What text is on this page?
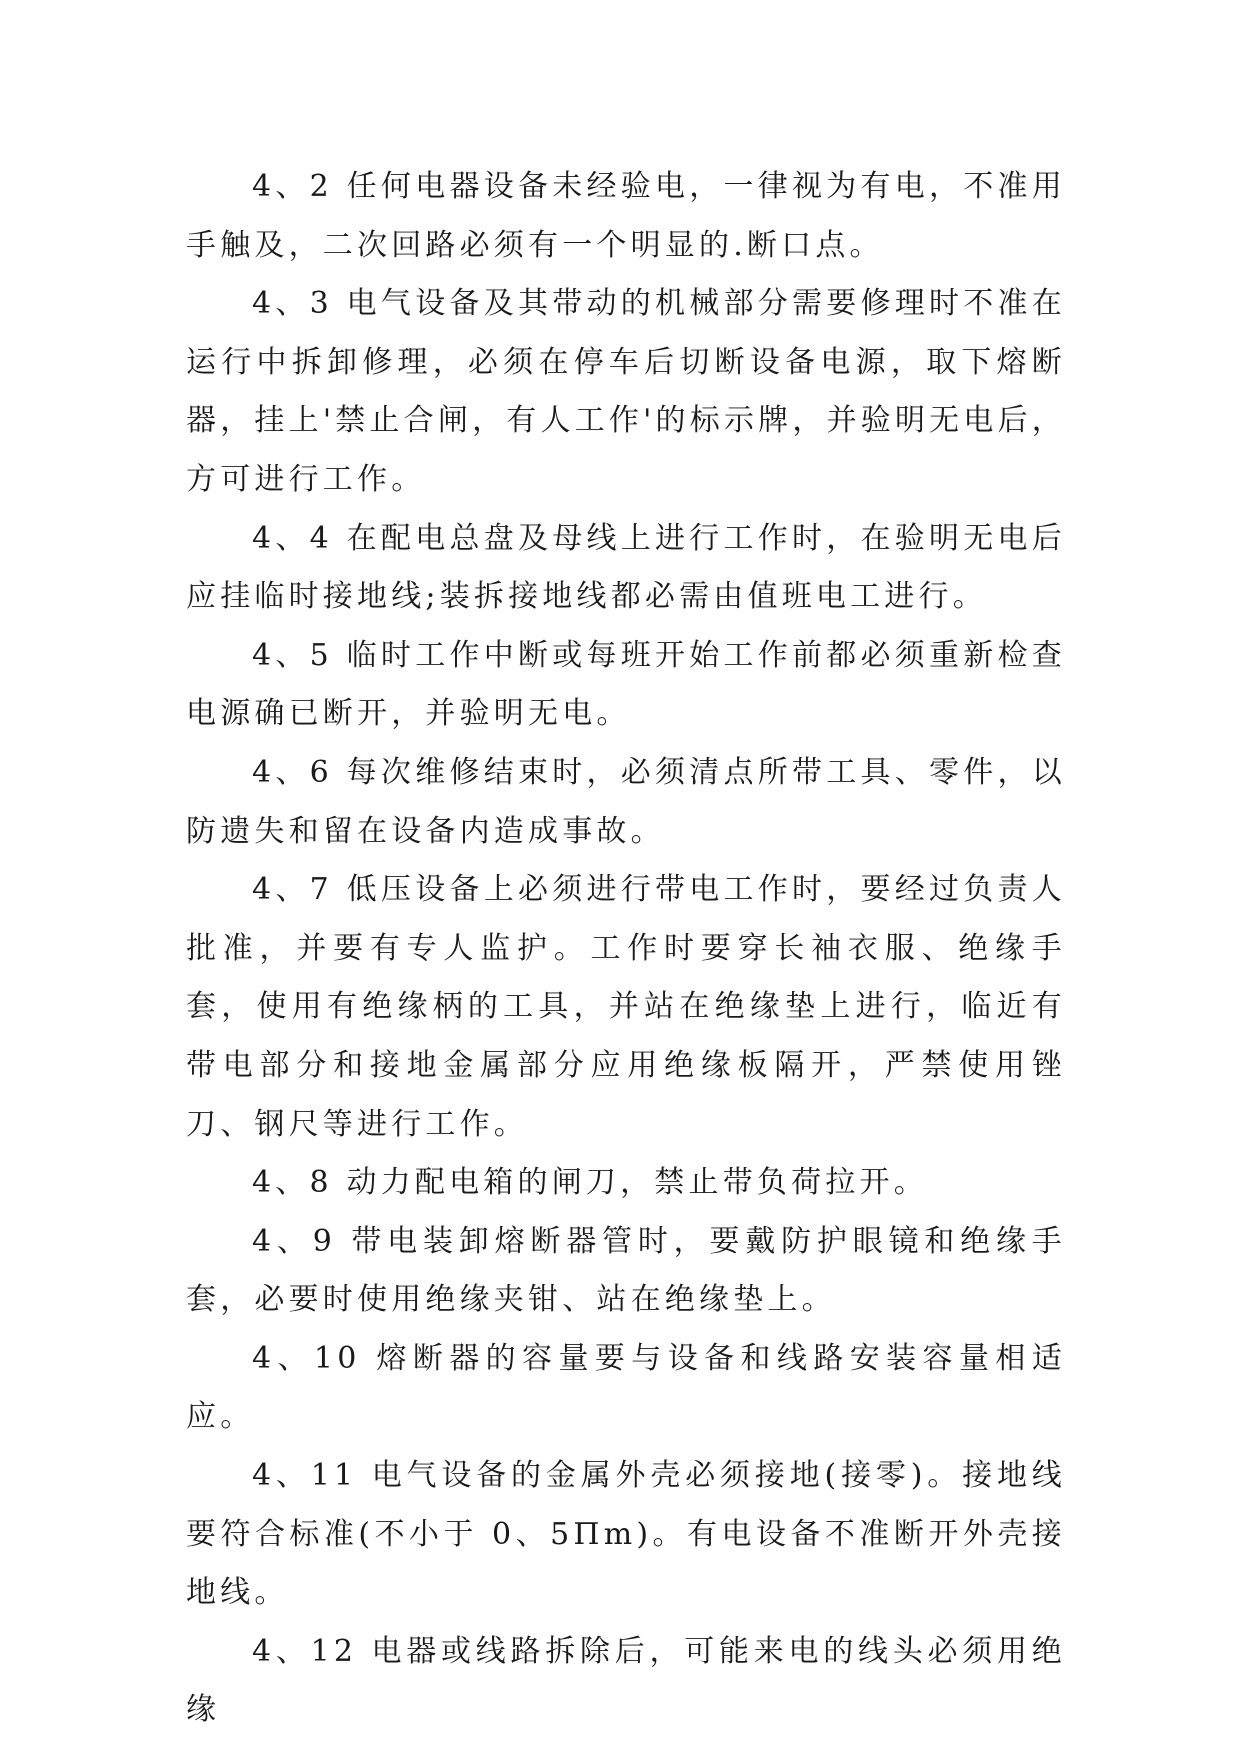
4、2 任何电器设备未经验电，一律视为有电，不准用手触及，二次回路必须有一个明显的.断口点。

4、3 电气设备及其带动的机械部分需要修理时不准在运行中拆卸修理，必须在停车后切断设备电源，取下熔断器，挂上'禁止合闸，有人工作'的标示牌，并验明无电后，方可进行工作。

4、4 在配电总盘及母线上进行工作时，在验明无电后应挂临时接地线;装拆接地线都必需由值班电工进行。

4、5 临时工作中断或每班开始工作前都必须重新检查电源确已断开，并验明无电。

4、6 每次维修结束时，必须清点所带工具、零件，以防遗失和留在设备内造成事故。

4、7 低压设备上必须进行带电工作时，要经过负责人批准，并要有专人监护。工作时要穿长袖衣服、绝缘手套，使用有绝缘柄的工具，并站在绝缘垫上进行，临近有带电部分和接地金属部分应用绝缘板隔开，严禁使用锉刀、钢尺等进行工作。

4、8 动力配电箱的闸刀，禁止带负荷拉开。

4、9 带电装卸熔断器管时，要戴防护眼镜和绝缘手套，必要时使用绝缘夹钳、站在绝缘垫上。

4、10 熔断器的容量要与设备和线路安装容量相适应。

4、11 电气设备的金属外壳必须接地(接零)。接地线要符合标准(不小于 0、5Пm)。有电设备不准断开外壳接地线。

4、12 电器或线路拆除后，可能来电的线头必须用绝缘
